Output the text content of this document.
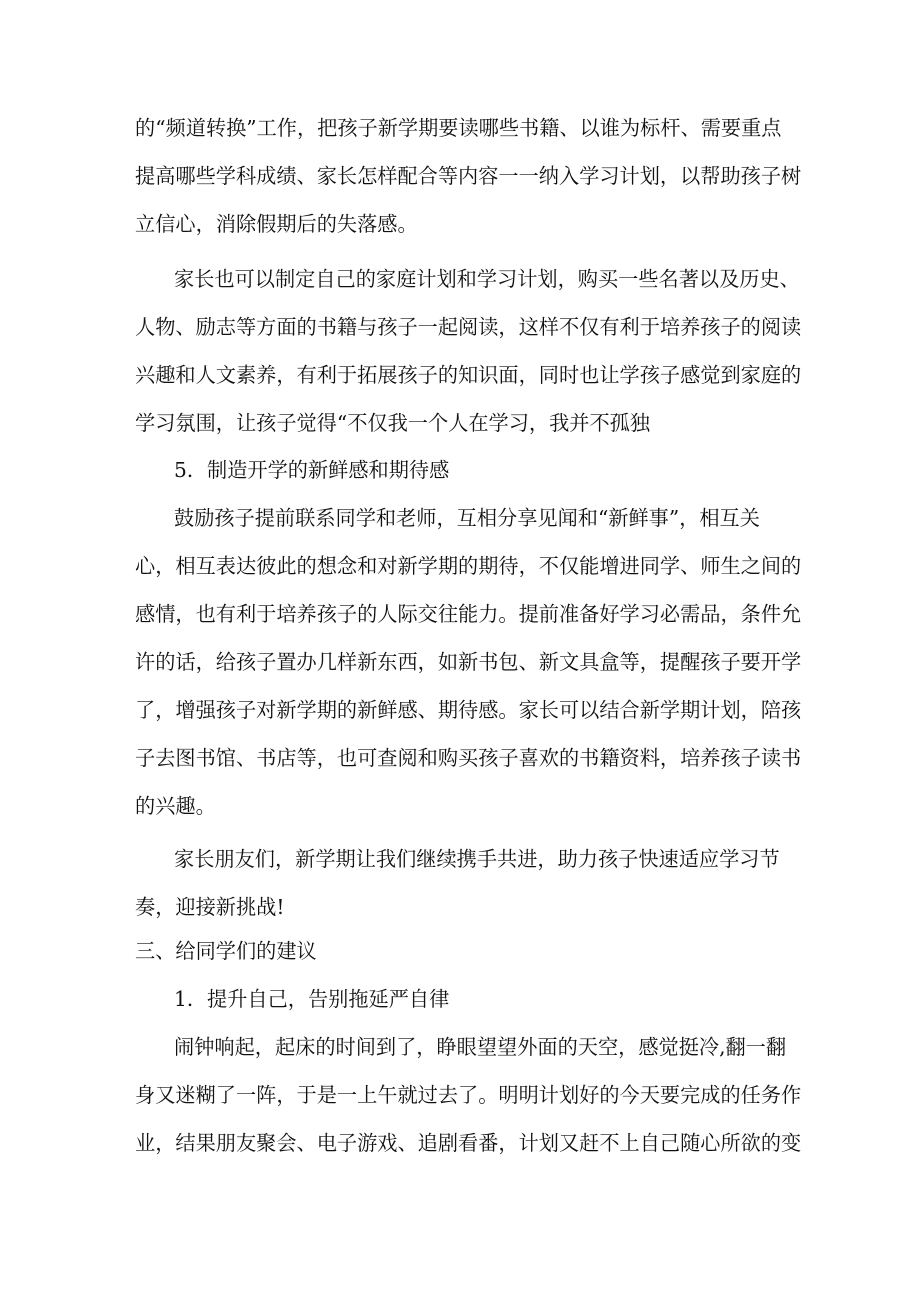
的“频道转换”工作，把孩子新学期要读哪些书籍、以谁为标杆、需要重点
提高哪些学科成绩、家长怎样配合等内容一一纳入学习计划，以帮助孩子树
立信心，消除假期后的失落感。
家长也可以制定自己的家庭计划和学习计划，购买一些名著以及历史、
人物、励志等方面的书籍与孩子一起阅读，这样不仅有利于培养孩子的阅读
兴趣和人文素养，有利于拓展孩子的知识面，同时也让学孩子感觉到家庭的
学习氛围，让孩子觉得“不仅我一个人在学习，我并不孤独
5．制造开学的新鲜感和期待感
鼓励孩子提前联系同学和老师，互相分享见闻和“新鲜事”，相互关
心，相互表达彼此的想念和对新学期的期待，不仅能增进同学、师生之间的
感情，也有利于培养孩子的人际交往能力。提前准备好学习必需品，条件允
许的话，给孩子置办几样新东西，如新书包、新文具盒等，提醒孩子要开学
了，增强孩子对新学期的新鲜感、期待感。家长可以结合新学期计划，陪孩
子去图书馆、书店等，也可查阅和购买孩子喜欢的书籍资料，培养孩子读书
的兴趣。
家长朋友们，新学期让我们继续携手共进，助力孩子快速适应学习节
奏，迎接新挑战!
三、给同学们的建议
1．提升自己，告别拖延严自律
闹钟响起，起床的时间到了，睁眼望望外面的天空，感觉挺冷,翻一翻
身又迷糊了一阵，于是一上午就过去了。明明计划好的今天要完成的任务作
业，结果朋友聚会、电子游戏、追剧看番，计划又赶不上自己随心所欲的变
